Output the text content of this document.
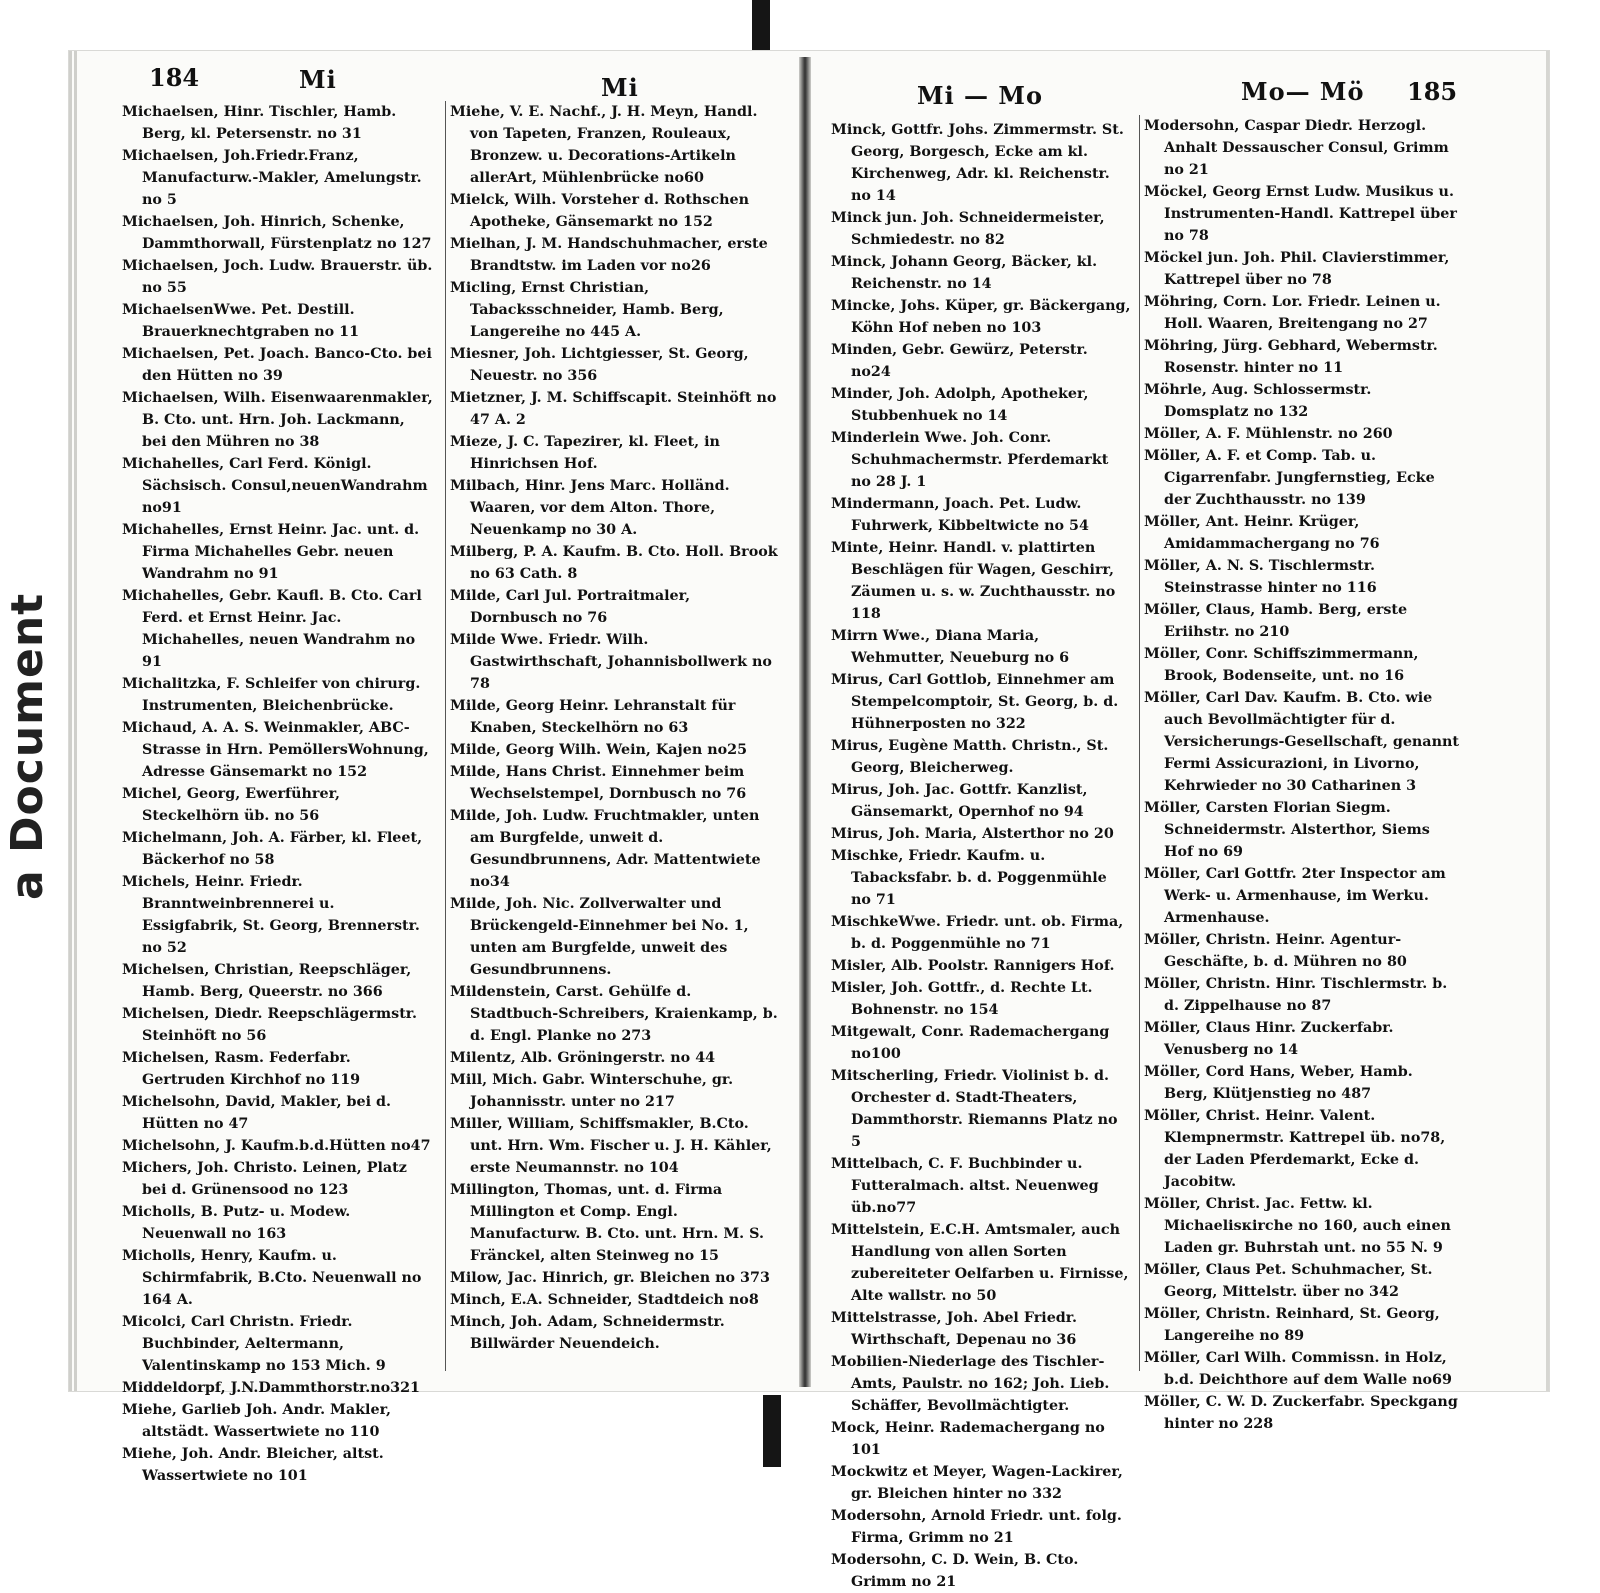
a Document
184	Mi	Mi

Michaelsen, Hinr. Tischler, Hamb. Berg, kl. Petersenstr. no 31

Michaelsen, Joh.Friedr.Franz, Manufacturw.-Makler, Amelungstr. no 5

Michaelsen, Joh. Hinrich, Schenke, Dammthorwall, Fürstenplatz no 127

Michaelsen, Joch. Ludw. Brauerstr. üb. no 55

MichaelsenWwe. Pet. Destill. Brauerknechtgraben no 11

Michaelsen, Pet. Joach. Banco-Cto. bei den Hütten no 39

Michaelsen, Wilh. Eisenwaarenmakler, B. Cto. unt. Hrn. Joh. Lackmann, bei den Mühren no 38

Michahelles, Carl Ferd. Königl. Sächsisch. Consul,neuenWandrahm no91

Michahelles, Ernst Heinr. Jac. unt. d. Firma Michahelles Gebr. neuen Wandrahm no 91

Michahelles, Gebr. Kaufl. B. Cto. Carl Ferd. et Ernst Heinr. Jac. Michahelles, neuen Wandrahm no 91

Michalitzka, F. Schleifer von chirurg. Instrumenten, Bleichenbrücke.

Michaud, A. A. S. Weinmakler, ABC-Strasse in Hrn. PemöllersWohnung, Adresse Gänsemarkt no 152

Michel, Georg, Ewerführer, Steckelhörn üb. no 56

Michelmann, Joh. A. Färber, kl. Fleet, Bäckerhof no 58

Michels, Heinr. Friedr. Branntweinbrennerei u. Essigfabrik, St. Georg, Brennerstr. no 52

Michelsen, Christian, Reepschläger, Hamb. Berg, Queerstr. no 366

Michelsen, Diedr. Reepschlägermstr. Steinhöft no 56

Michelsen, Rasm. Federfabr. Gertruden Kirchhof no 119

Michelsohn, David, Makler, bei d. Hütten no 47

Michelsohn, J. Kaufm.b.d.Hütten no47

Michers, Joh. Christo. Leinen, Platz bei d. Grünensood no 123

Micholls, B. Putz- u. Modew. Neuenwall no 163

Micholls, Henry, Kaufm. u. Schirmfabrik, B.Cto. Neuenwall no 164 A.

Micolci, Carl Christn. Friedr. Buchbinder, Aeltermann, Valentinskamp no 153 Mich. 9

Middeldorpf, J.N.Dammthorstr.no321

Miehe, Garlieb Joh. Andr. Makler, altstädt. Wassertwiete no 110

Miehe, Joh. Andr. Bleicher, altst. Wassertwiete no 101

Miehe, V. E. Nachf., J. H. Meyn, Handl. von Tapeten, Franzen, Rouleaux, Bronzew. u. Decorations-Artikeln allerArt, Mühlenbrücke no60

Mielck, Wilh. Vorsteher d. Rothschen Apotheke, Gänsemarkt no 152

Mielhan, J. M. Handschuhmacher, erste Brandtstw. im Laden vor no26

Micling, Ernst Christian, Tabacksschneider, Hamb. Berg, Langereihe no 445 A.

Miesner, Joh. Lichtgiesser, St. Georg, Neuestr. no 356

Mietzner, J. M. Schiffscapit. Steinhöft no 47 A. 2

Mieze, J. C. Tapezirer, kl. Fleet, in Hinrichsen Hof.

Milbach, Hinr. Jens Marc. Holländ. Waaren, vor dem Alton. Thore, Neuenkamp no 30 A.

Milberg, P. A. Kaufm. B. Cto. Holl. Brook no 63 Cath. 8

Milde, Carl Jul. Portraitmaler, Dornbusch no 76

Milde Wwe. Friedr. Wilh. Gastwirthschaft, Johannisbollwerk no 78

Milde, Georg Heinr. Lehranstalt für Knaben, Steckelhörn no 63

Milde, Georg Wilh. Wein, Kajen no25

Milde, Hans Christ. Einnehmer beim Wechselstempel, Dornbusch no 76

Milde, Joh. Ludw. Fruchtmakler, unten am Burgfelde, unweit d. Gesundbrunnens, Adr. Mattentwiete no34

Milde, Joh. Nic. Zollverwalter und Brückengeld-Einnehmer bei No. 1, unten am Burgfelde, unweit des Gesundbrunnens.

Mildenstein, Carst. Gehülfe d. Stadtbuch-Schreibers, Kraienkamp, b. d. Engl. Planke no 273

Milentz, Alb. Gröningerstr. no 44

Mill, Mich. Gabr. Winterschuhe, gr. Johannisstr. unter no 217

Miller, William, Schiffsmakler, B.Cto. unt. Hrn. Wm. Fischer u. J. H. Kähler, erste Neumannstr. no 104

Millington, Thomas, unt. d. Firma Millington et Comp. Engl. Manufacturw. B. Cto. unt. Hrn. M. S. Fränckel, alten Steinweg no 15

Milow, Jac. Hinrich, gr. Bleichen no 373

Minch, E.A. Schneider, Stadtdeich no8

Minch, Joh. Adam, Schneidermstr. Billwärder Neuendeich.

Mi — Mo	Mo— Mö 185

Minck, Gottfr. Johs. Zimmermstr. St. Georg, Borgesch, Ecke am kl. Kirchenweg, Adr. kl. Reichenstr. no 14

Minck jun. Joh. Schneidermeister, Schmiedestr. no 82

Minck, Johann Georg, Bäcker, kl. Reichenstr. no 14

Mincke, Johs. Küper, gr. Bäckergang, Köhn Hof neben no 103

Minden, Gebr. Gewürz, Peterstr. no24

Minder, Joh. Adolph, Apotheker, Stubbenhuek no 14

Minderlein Wwe. Joh. Conr. Schuhmachermstr. Pferdemarkt no 28 J. 1

Mindermann, Joach. Pet. Ludw. Fuhrwerk, Kibbeltwicte no 54

Minte, Heinr. Handl. v. plattirten Beschlägen für Wagen, Geschirr, Zäumen u. s. w. Zuchthausstr. no 118

Mirrn Wwe., Diana Maria, Wehmutter, Neueburg no 6

Mirus, Carl Gottlob, Einnehmer am Stempelcomptoir, St. Georg, b. d. Hühnerposten no 322

Mirus, Eugène Matth. Christn., St. Georg, Bleicherweg.

Mirus, Joh. Jac. Gottfr. Kanzlist, Gänsemarkt, Opernhof no 94

Mirus, Joh. Maria, Alsterthor no 20

Mischke, Friedr. Kaufm. u. Tabacksfabr. b. d. Poggenmühle no 71

MischkeWwe. Friedr. unt. ob. Firma, b. d. Poggenmühle no 71

Misler, Alb. Poolstr. Rannigers Hof.

Misler, Joh. Gottfr., d. Rechte Lt. Bohnenstr. no 154

Mitgewalt, Conr. Rademachergang no100

Mitscherling, Friedr. Violinist b. d. Orchester d. Stadt-Theaters, Dammthorstr. Riemanns Platz no 5

Mittelbach, C. F. Buchbinder u. Futteralmach. altst. Neuenweg üb.no77

Mittelstein, E.C.H. Amtsmaler, auch Handlung von allen Sorten zubereiteter Oelfarben u. Firnisse, Alte wallstr. no 50

Mittelstrasse, Joh. Abel Friedr. Wirthschaft, Depenau no 36

Mobilien-Niederlage des Tischler-Amts, Paulstr. no 162; Joh. Lieb. Schäffer, Bevollmächtigter.

Mock, Heinr. Rademachergang no 101

Mockwitz et Meyer, Wagen-Lackirer, gr. Bleichen hinter no 332

Modersohn, Arnold Friedr. unt. folg. Firma, Grimm no 21

Modersohn, C. D. Wein, B. Cto. Grimm no 21

Modersohn, Caspar Diedr. Herzogl. Anhalt Dessauscher Consul, Grimm no 21

Möckel, Georg Ernst Ludw. Musikus u. Instrumenten-Handl. Kattrepel über no 78

Möckel jun. Joh. Phil. Clavierstimmer, Kattrepel über no 78

Möhring, Corn. Lor. Friedr. Leinen u. Holl. Waaren, Breitengang no 27

Möhring, Jürg. Gebhard, Webermstr. Rosenstr. hinter no 11

Möhrle, Aug. Schlossermstr. Domsplatz no 132

Möller, A. F. Mühlenstr. no 260

Möller, A. F. et Comp. Tab. u. Cigarrenfabr. Jungfernstieg, Ecke der Zuchthausstr. no 139

Möller, Ant. Heinr. Krüger, Amidammachergang no 76

Möller, A. N. S. Tischlermstr. Steinstrasse hinter no 116

Möller, Claus, Hamb. Berg, erste Eriihstr. no 210

Möller, Conr. Schiffszimmermann, Brook, Bodenseite, unt. no 16

Möller, Carl Dav. Kaufm. B. Cto. wie auch Bevollmächtigter für d. Versicherungs-Gesellschaft, genannt Fermi Assicurazioni, in Livorno, Kehrwieder no 30 Catharinen 3

Möller, Carsten Florian Siegm. Schneidermstr. Alsterthor, Siems Hof no 69

Möller, Carl Gottfr. 2ter Inspector am Werk- u. Armenhause, im Werku. Armenhause.

Möller, Christn. Heinr. Agentur-Geschäfte, b. d. Mühren no 80

Möller, Christn. Hinr. Tischlermstr. b. d. Zippelhause no 87

Möller, Claus Hinr. Zuckerfabr. Venusberg no 14

Möller, Cord Hans, Weber, Hamb. Berg, Klütjenstieg no 487

Möller, Christ. Heinr. Valent. Klempnermstr. Kattrepel üb. no78, der Laden Pferdemarkt, Ecke d. Jacobitw.

Möller, Christ. Jac. Fettw. kl. Michaelisкirche no 160, auch einen Laden gr. Buhrstah unt. no 55 N. 9

Möller, Claus Pet. Schuhmacher, St. Georg, Mittelstr. über no 342

Möller, Christn. Reinhard, St. Georg, Langereihe no 89

Möller, Carl Wilh. Commissn. in Holz, b.d. Deichthore auf dem Walle no69

Möller, C. W. D. Zuckerfabr. Speckgang hinter no 228
